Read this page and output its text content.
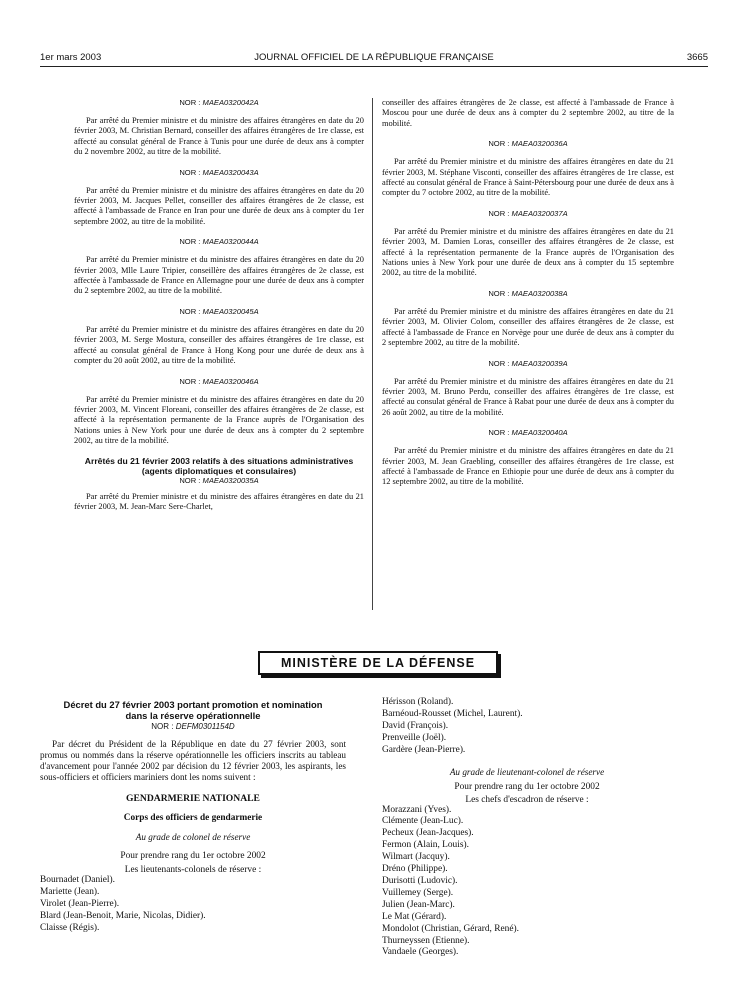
1er mars 2003	JOURNAL OFFICIEL DE LA RÉPUBLIQUE FRANÇAISE	3665

NOR : MAEA0320042A

Par arrêté du Premier ministre et du ministre des affaires étrangères en date du 20 février 2003, M. Christian Bernard, conseiller des affaires étrangères de 1re classe, est affecté au consulat général de France à Tunis pour une durée de deux ans à compter du 2 novembre 2002, au titre de la mobilité.

NOR : MAEA0320043A

Par arrêté du Premier ministre et du ministre des affaires étrangères en date du 20 février 2003, M. Jacques Pellet, conseiller des affaires étrangères de 2e classe, est affecté à l'ambassade de France en Iran pour une durée de deux ans à compter du 1er septembre 2002, au titre de la mobilité.

NOR : MAEA0320044A

Par arrêté du Premier ministre et du ministre des affaires étrangères en date du 20 février 2003, Mlle Laure Tripier, conseillère des affaires étrangères de 2e classe, est affectée à l'ambassade de France en Allemagne pour une durée de deux ans à compter du 2 septembre 2002, au titre de la mobilité.

NOR : MAEA0320045A

Par arrêté du Premier ministre et du ministre des affaires étrangères en date du 20 février 2003, M. Serge Mostura, conseiller des affaires étrangères de 1re classe, est affecté au consulat général de France à Hong Kong pour une durée de deux ans à compter du 20 août 2002, au titre de la mobilité.

NOR : MAEA0320046A

Par arrêté du Premier ministre et du ministre des affaires étrangères en date du 20 février 2003, M. Vincent Floreani, conseiller des affaires étrangères de 2e classe, est affecté à la représentation permanente de la France auprès de l'Organisation des Nations unies à New York pour une durée de deux ans à compter du 2 septembre 2002, au titre de la mobilité.

Arrêtés du 21 février 2003 relatifs à des situations administratives (agents diplomatiques et consulaires)

NOR : MAEA0320035A

Par arrêté du Premier ministre et du ministre des affaires étrangères en date du 21 février 2003, M. Jean-Marc Sere-Charlet,

conseiller des affaires étrangères de 2e classe, est affecté à l'ambassade de France à Moscou pour une durée de deux ans à compter du 2 septembre 2002, au titre de la mobilité.

NOR : MAEA0320036A

Par arrêté du Premier ministre et du ministre des affaires étrangères en date du 21 février 2003, M. Stéphane Visconti, conseiller des affaires étrangères de 1re classe, est affecté au consulat général de France à Saint-Pétersbourg pour une durée de deux ans à compter du 7 octobre 2002, au titre de la mobilité.

NOR : MAEA0320037A

Par arrêté du Premier ministre et du ministre des affaires étrangères en date du 21 février 2003, M. Damien Loras, conseiller des affaires étrangères de 2e classe, est affecté à la représentation permanente de la France auprès de l'Organisation des Nations unies à New York pour une durée de deux ans à compter du 15 septembre 2002, au titre de la mobilité.

NOR : MAEA0320038A

Par arrêté du Premier ministre et du ministre des affaires étrangères en date du 21 février 2003, M. Olivier Colom, conseiller des affaires étrangères de 2e classe, est affecté à l'ambassade de France en Norvège pour une durée de deux ans à compter du 2 septembre 2002, au titre de la mobilité.

NOR : MAEA0320039A

Par arrêté du Premier ministre et du ministre des affaires étrangères en date du 21 février 2003, M. Bruno Perdu, conseiller des affaires étrangères de 1re classe, est affecté au consulat général de France à Rabat pour une durée de deux ans à compter du 26 août 2002, au titre de la mobilité.

NOR : MAEA0320040A

Par arrêté du Premier ministre et du ministre des affaires étrangères en date du 21 février 2003, M. Jean Graebling, conseiller des affaires étrangères de 1re classe, est affecté à l'ambassade de France en Ethiopie pour une durée de deux ans à compter du 12 septembre 2002, au titre de la mobilité.

MINISTÈRE DE LA DÉFENSE

Décret du 27 février 2003 portant promotion et nomination dans la réserve opérationnelle

NOR : DEFM0301154D

Par décret du Président de la République en date du 27 février 2003, sont promus ou nommés dans la réserve opérationnelle les officiers inscrits au tableau d'avancement pour l'année 2002 par décision du 12 février 2003, les aspirants, les sous-officiers et officiers mariniers dont les noms suivent :

GENDARMERIE NATIONALE

Corps des officiers de gendarmerie

Au grade de colonel de réserve

Pour prendre rang du 1er octobre 2002

Les lieutenants-colonels de réserve :

Bournadet (Daniel).

Mariette (Jean).

Virolet (Jean-Pierre).

Blard (Jean-Benoit, Marie, Nicolas, Didier).

Claisse (Régis).

Hérisson (Roland).

Barnéoud-Rousset (Michel, Laurent).

David (François).

Prenveille (Joël).

Gardère (Jean-Pierre).

Au grade de lieutenant-colonel de réserve

Pour prendre rang du 1er octobre 2002

Les chefs d'escadron de réserve :

Morazzani (Yves).

Clémente (Jean-Luc).

Pecheux (Jean-Jacques).

Fermon (Alain, Louis).

Wilmart (Jacquy).

Dréno (Philippe).

Durisotti (Ludovic).

Vuillemey (Serge).

Julien (Jean-Marc).

Le Mat (Gérard).

Mondolot (Christian, Gérard, René).

Thurneyssen (Etienne).

Vandaele (Georges).
